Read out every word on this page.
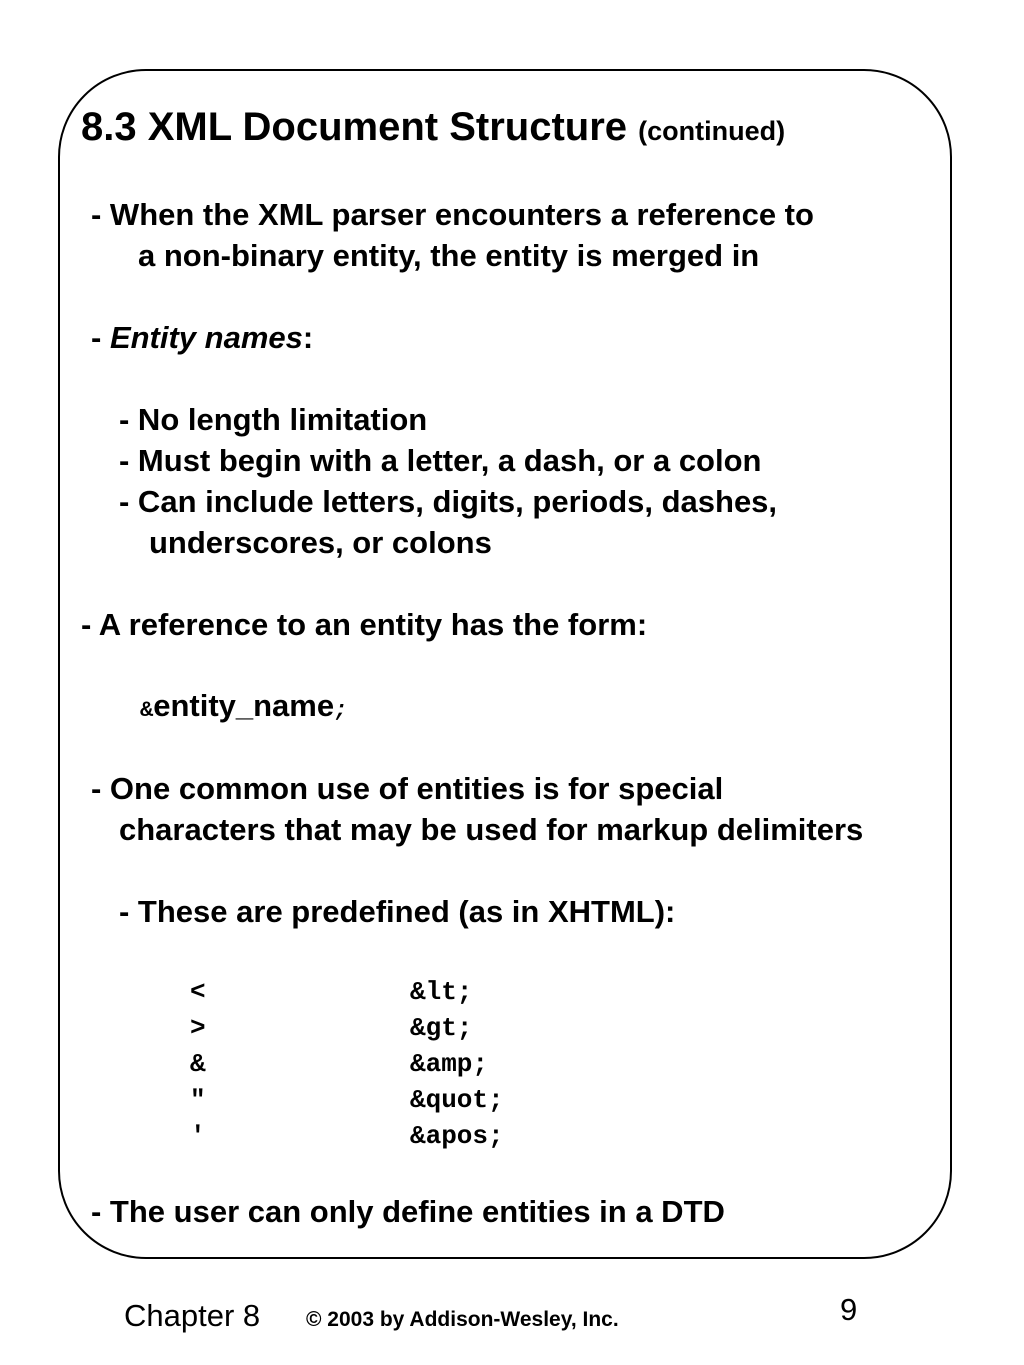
8.3 XML Document Structure (continued)
- When the XML parser encounters a reference to
a non-binary entity, the entity is merged in
- Entity names:
- No length limitation
- Must begin with a letter, a dash, or a colon
- Can include letters, digits, periods, dashes,
underscores, or colons
- A reference to an entity has the form:
&entity_name;
- One common use of entities is for special
characters that may be used for markup delimiters
- These are predefined (as in XHTML):
<	&lt;
>	&gt;
&	&amp;
"	&quot;
'	&apos;
- The user can only define entities in a DTD
Chapter 8 © 2003 by Addison-Wesley, Inc.	9
